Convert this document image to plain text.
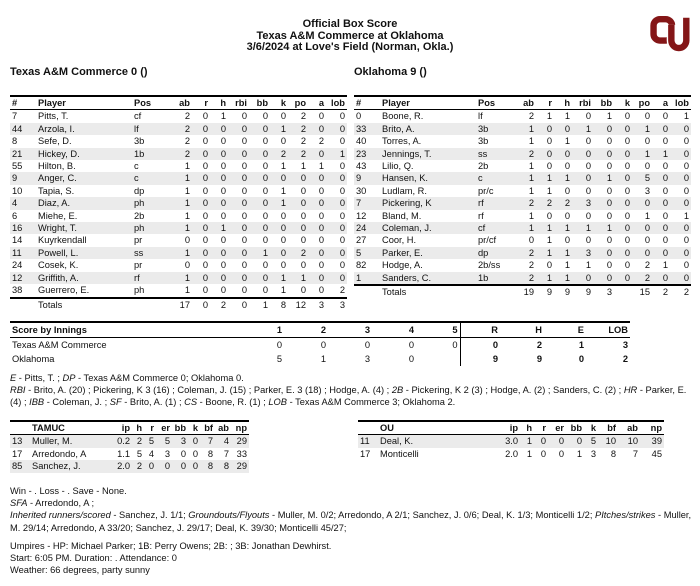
Official Box Score
Texas A&M Commerce at Oklahoma
3/6/2024 at Love's Field (Norman, Okla.)
Texas A&M Commerce 0 ()
#	Player	Pos	ab	r	h	rbi	bb	k	po	a	lob
7	Pitts, T.	cf	2	0	1	0	0	0	2	0	0
44	Arzola, I.	lf	2	0	0	0	0	1	2	0	0
8	Sefe, D.	3b	2	0	0	0	0	0	2	2	0
21	Hickey, D.	1b	2	0	0	0	0	2	2	0	1
55	Hilton, B.	c	1	0	0	0	0	1	1	1	0
9	Anger, C.	c	1	0	0	0	0	0	0	0	0
10	Tapia, S.	dp	1	0	0	0	0	1	0	0	0
4	Diaz, A.	ph	1	0	0	0	0	1	0	0	0
6	Miehe, E.	2b	1	0	0	0	0	0	0	0	0
16	Wright, T.	ph	1	0	1	0	0	0	0	0	0
14	Kuyrkendall	pr	0	0	0	0	0	0	0	0	0
11	Powell, L.	ss	1	0	0	0	1	0	2	0	0
24	Cosek, K.	pr	0	0	0	0	0	0	0	0	0
12	Griffith, A.	rf	1	0	0	0	0	1	1	0	0
38	Guerrero, E.	ph	1	0	0	0	0	1	0	0	2
	Totals		17	0	2	0	1	8	12	3	3
Oklahoma 9 ()
#	Player	Pos	ab	r	h	rbi	bb	k	po	a	lob
0	Boone, R.	lf	2	1	1	0	1	0	0	0	1
33	Brito, A.	3b	1	0	0	1	0	0	1	0	0
40	Torres, A.	3b	1	0	1	0	0	0	0	0	0
23	Jennings, T.	ss	2	0	0	0	0	0	1	1	0
43	Lilio, Q.	2b	1	0	0	0	0	0	0	0	0
9	Hansen, K.	c	1	1	1	0	1	0	5	0	0
30	Ludlam, R.	pr/c	1	1	0	0	0	0	3	0	0
7	Pickering, K	rf	2	2	2	3	0	0	0	0	0
12	Bland, M.	rf	1	0	0	0	0	0	1	0	1
24	Coleman, J.	cf	1	1	1	1	1	0	0	0	0
27	Coor, H.	pr/cf	0	1	0	0	0	0	0	0	0
5	Parker, E.	dp	2	1	1	3	0	0	0	0	0
82	Hodge, A.	2b/ss	2	0	1	1	0	0	2	1	0
1	Sanders, C.	1b	2	1	1	0	0	0	2	0	0
	Totals		19	9	9	9	3		15	2	2
Score by Innings	1	2	3	4	5	R	H	E	LOB
Texas A&M Commerce	0	0	0	0	0	0	2	1	3
Oklahoma	5	1	3	0		9	9	0	2
E - Pitts, T. ; DP - Texas A&M Commerce 0; Oklahoma 0.
RBI - Brito, A. (20) ; Pickering, K 3 (16) ; Coleman, J. (15) ; Parker, E. 3 (18) ; Hodge, A. (4) ; 2B - Pickering, K 2 (3) ; Hodge, A. (2) ; Sanders, C. (2) ; HR - Parker, E. (4) ; IBB - Coleman, J. ; SF - Brito, A. (1) ; CS - Boone, R. (1) ; LOB - Texas A&M Commerce 3; Oklahoma 2.
	TAMUC	ip	h	r	er	bb	k	bf	ab	np
13	Muller, M.	0.2	2	5	5	3	0	7	4	29
17	Arredondo, A	1.1	5	4	3	0	0	8	7	33
85	Sanchez, J.	2.0	2	0	0	0	0	8	8	29
	OU	ip	h	r	er	bb	k	bf	ab	np
11	Deal, K.	3.0	1	0	0	0	5	10	10	39
17	Monticelli	2.0	1	0	0	1	3	8	7	45
Win - . Loss - . Save - None.
SFA - Arredondo, A ;
Inherited runners/scored - Sanchez, J. 1/1; Groundouts/Flyouts - Muller, M. 0/2; Arredondo, A 2/1; Sanchez, J. 0/6; Deal, K. 1/3; Monticelli 1/2; PItches/strikes - Muller, M. 29/14; Arredondo, A 33/20; Sanchez, J. 29/17; Deal, K. 39/30; Monticelli 45/27;
Umpires - HP: Michael Parker; 1B: Perry Owens; 2B: ; 3B: Jonathan Dewhirst.
Start: 6:05 PM. Duration: . Attendance: 0
Weather: 66 degrees, party sunny
